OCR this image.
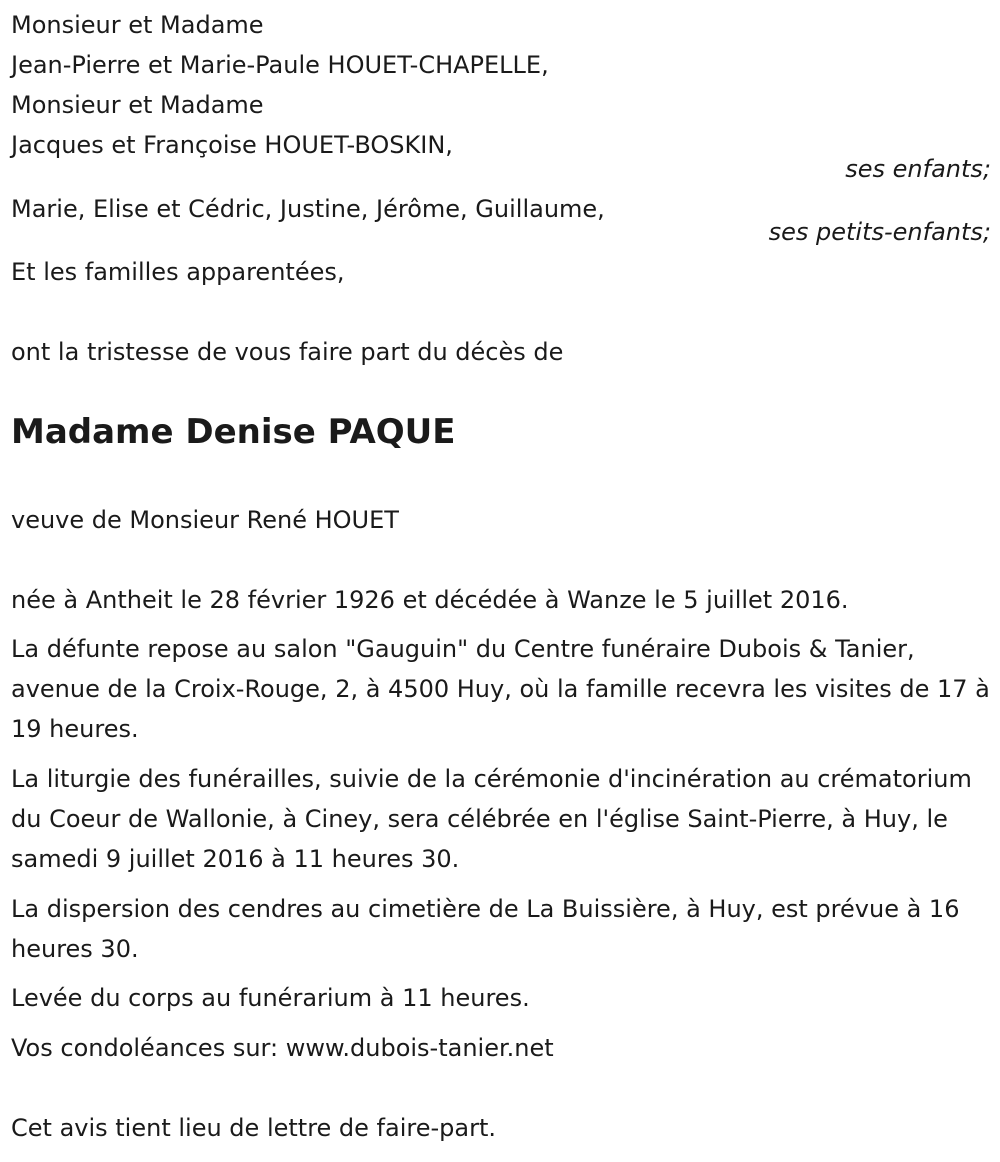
Monsieur et Madame
Jean-Pierre et Marie-Paule HOUET-CHAPELLE,
Monsieur et Madame
Jacques et Françoise HOUET-BOSKIN,
ses enfants;
Marie, Elise et Cédric, Justine, Jérôme, Guillaume,
ses petits-enfants;
Et les familles apparentées,
ont la tristesse de vous faire part du décès de
Madame Denise PAQUE
veuve de Monsieur René HOUET
née à Antheit le 28 février 1926 et décédée à Wanze le 5 juillet 2016.
La défunte repose au salon "Gauguin" du Centre funéraire Dubois & Tanier, avenue de la Croix-Rouge, 2, à 4500 Huy, où la famille recevra les visites de 17 à 19 heures.
La liturgie des funérailles, suivie de la cérémonie d'incinération au crématorium du Coeur de Wallonie, à Ciney, sera célébrée en l'église Saint-Pierre, à Huy, le samedi 9 juillet 2016 à 11 heures 30.
La dispersion des cendres au cimetière de La Buissière, à Huy, est prévue à 16 heures 30.
Levée du corps au funérarium à 11 heures.
Vos condoléances sur: www.dubois-tanier.net
Cet avis tient lieu de lettre de faire-part.
